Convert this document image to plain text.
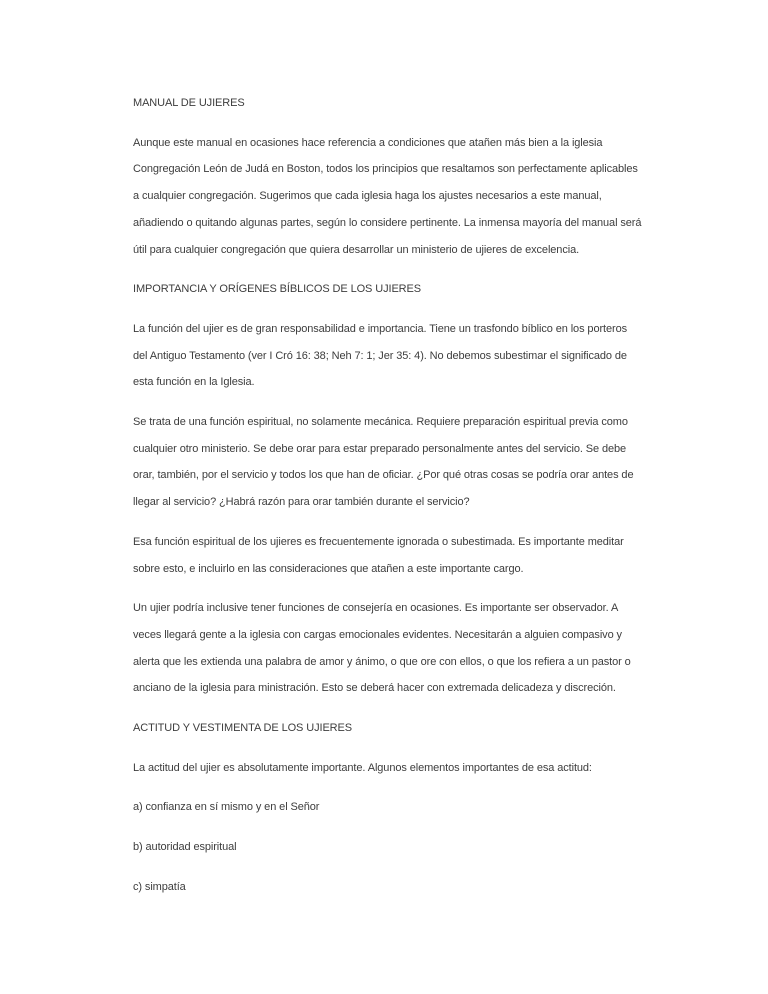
MANUAL DE UJIERES
Aunque este manual en ocasiones hace referencia a condiciones que atañen más bien a la iglesia
Congregación León de Judá en Boston, todos los principios que resaltamos son perfectamente aplicables
a cualquier congregación. Sugerimos que cada iglesia haga los ajustes necesarios a este manual,
añadiendo o quitando algunas partes, según lo considere pertinente. La inmensa mayoría del manual será
útil para cualquier congregación que quiera desarrollar un ministerio de ujieres de excelencia.
IMPORTANCIA Y ORÍGENES BÍBLICOS DE LOS UJIERES
La función del ujier es de gran responsabilidad e importancia. Tiene un trasfondo bíblico en los porteros
del Antiguo Testamento (ver I Cró 16: 38; Neh 7: 1; Jer 35: 4). No debemos subestimar el significado de
esta función en la Iglesia.
Se trata de una función espiritual, no solamente mecánica. Requiere preparación espiritual previa como
cualquier otro ministerio. Se debe orar para estar preparado personalmente antes del servicio. Se debe
orar, también, por el servicio y todos los que han de oficiar. ¿Por qué otras cosas se podría orar antes de
llegar al servicio? ¿Habrá razón para orar también durante el servicio?
Esa función espiritual de los ujieres es frecuentemente ignorada o subestimada. Es importante meditar
sobre esto, e incluirlo en las consideraciones que atañen a este importante cargo.
Un ujier podría inclusive tener funciones de consejería en ocasiones. Es importante ser observador. A
veces llegará gente a la iglesia con cargas emocionales evidentes. Necesitarán a alguien compasivo y
alerta que les extienda una palabra de amor y ánimo, o que ore con ellos, o que los refiera a un pastor o
anciano de la iglesia para ministración. Esto se deberá hacer con extremada delicadeza y discreción.
ACTITUD Y VESTIMENTA DE LOS UJIERES
La actitud del ujier es absolutamente importante. Algunos elementos importantes de esa actitud:
a) confianza en sí mismo y en el Señor
b) autoridad espiritual
c) simpatía
